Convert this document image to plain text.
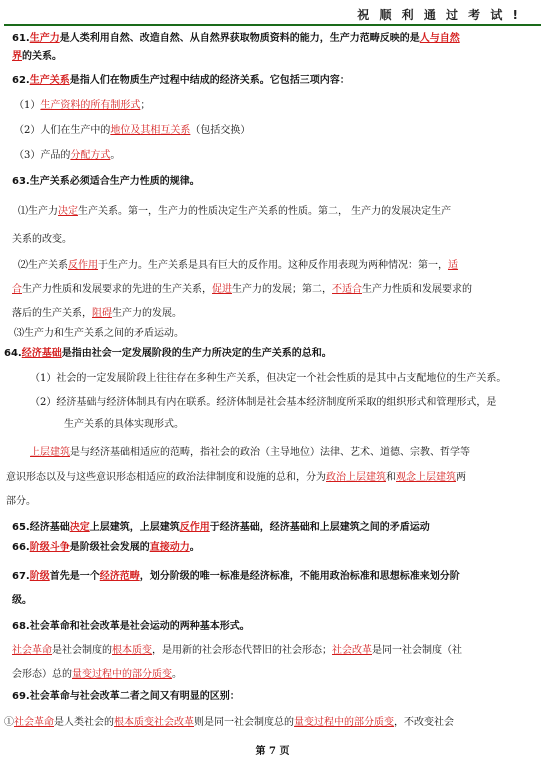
祝 顺 利 通 过 考 试 !
61.生产力是人类利用自然、改造自然、从自然界获取物质资料的能力，生产力范畴反映的是人与自然
界的关系。
62.生产关系是指人们在物质生产过程中结成的经济关系。它包括三项内容：
（1）生产资料的所有制形式；
（2）人们在生产中的地位及其相互关系（包括交换）
（3）产品的分配方式。
63.生产关系必须适合生产力性质的规律。
⑴生产力决定生产关系。第一，生产力的性质决定生产关系的性质。第二， 生产力的发展决定生产
关系的改变。
⑵生产关系反作用于生产力。生产关系是具有巨大的反作用。这种反作用表现为两种情况：第一，适
合生产力性质和发展要求的先进的生产关系，促进生产力的发展；第二，不适合生产力性质和发展要求的
落后的生产关系，阻碍生产力的发展。
⑶生产力和生产关系之间的矛盾运动。
64.经济基础是指由社会一定发展阶段的生产力所决定的生产关系的总和。
（1）社会的一定发展阶段上往往存在多种生产关系，但决定一个社会性质的是其中占支配地位的生产关系。
（2）经济基础与经济体制具有内在联系。经济体制是社会基本经济制度所采取的组织形式和管理形式，是
生产关系的具体实现形式。
上层建筑是与经济基础相适应的范畴，指社会的政治（主导地位）法律、艺术、道德、宗教、哲学等
意识形态以及与这些意识形态相适应的政治法律制度和设施的总和，分为政治上层建筑和观念上层建筑两
部分。
65.经济基础决定上层建筑，上层建筑反作用于经济基础，经济基础和上层建筑之间的矛盾运动
66.阶级斗争是阶级社会发展的直接动力。
67.阶级首先是一个经济范畴，划分阶级的唯一标准是经济标准，不能用政治标准和思想标准来划分阶
级。
68.社会革命和社会改革是社会运动的两种基本形式。
社会革命是社会制度的根本质变，是用新的社会形态代替旧的社会形态；社会改革是同一社会制度（社
会形态）总的量变过程中的部分质变。
69.社会革命与社会改革二者之间又有明显的区别：
①社会革命是人类社会的根本质变社会改革则是同一社会制度总的量变过程中的部分质变，不改变社会
第 7 页
